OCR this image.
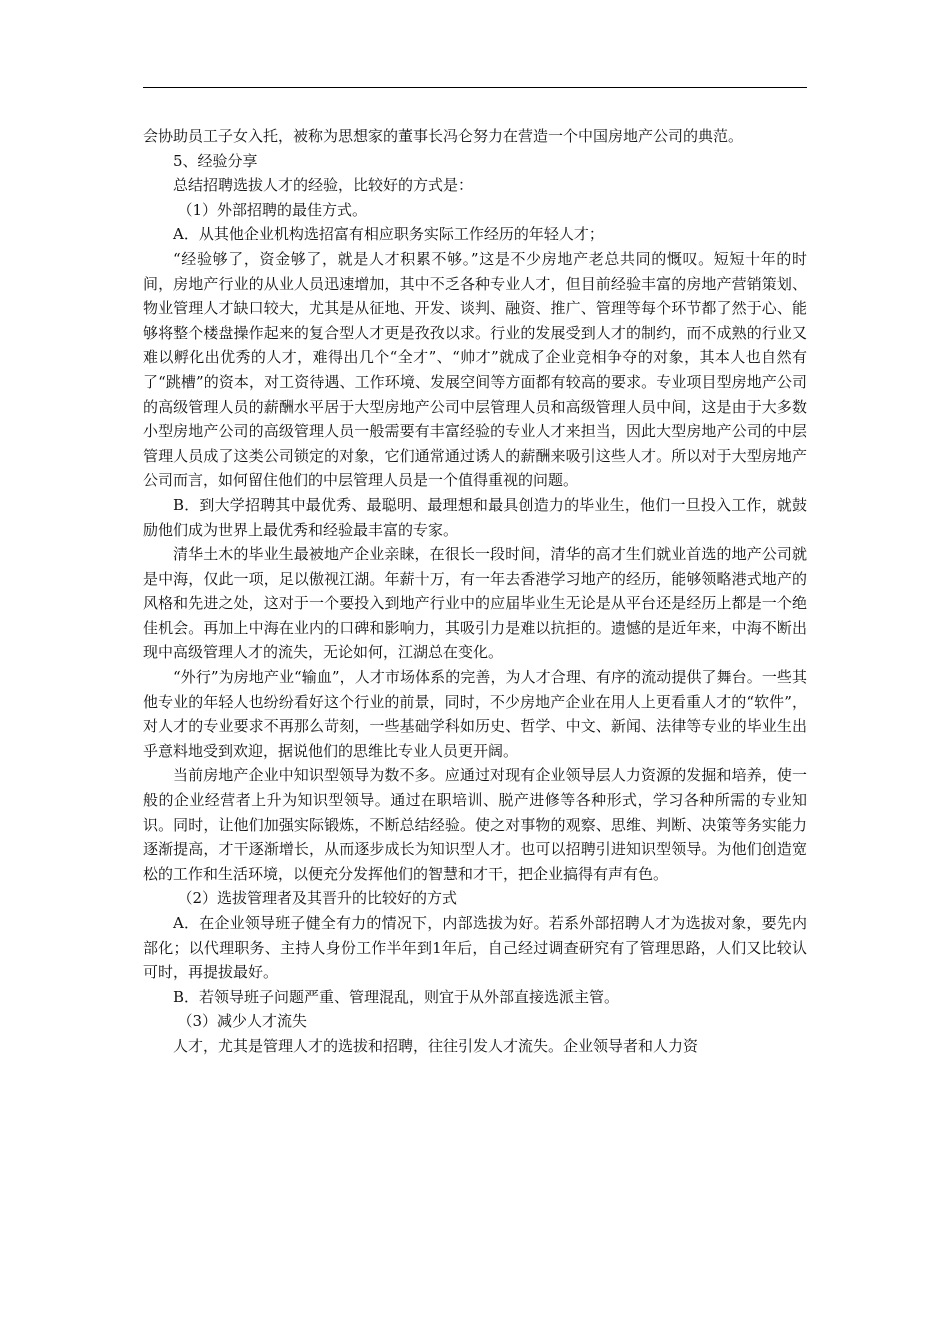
会协助员工子女入托，被称为思想家的董事长冯仑努力在营造一个中国房地产公司的典范。

5、经验分享

总结招聘选拔人才的经验，比较好的方式是：

（1）外部招聘的最佳方式。

A．从其他企业机构选招富有相应职务实际工作经历的年轻人才；

“经验够了，资金够了，就是人才积累不够。”这是不少房地产老总共同的慨叹。短短十年的时间，房地产行业的从业人员迅速增加，其中不乏各种专业人才，但目前经验丰富的房地产营销策划、物业管理人才缺口较大，尤其是从征地、开发、谈判、融资、推广、管理等每个环节都了然于心、能够将整个楼盘操作起来的复合型人才更是孜孜以求。行业的发展受到人才的制约，而不成熟的行业又难以孵化出优秀的人才，难得出几个“全才”、“帅才”就成了企业竞相争夺的对象，其本人也自然有了“跳槽”的资本，对工资待遇、工作环境、发展空间等方面都有较高的要求。专业项目型房地产公司的高级管理人员的薪酬水平居于大型房地产公司中层管理人员和高级管理人员中间，这是由于大多数小型房地产公司的高级管理人员一般需要有丰富经验的专业人才来担当，因此大型房地产公司的中层管理人员成了这类公司锁定的对象，它们通常通过诱人的薪酬来吸引这些人才。所以对于大型房地产公司而言，如何留住他们的中层管理人员是一个值得重视的问题。

B．到大学招聘其中最优秀、最聪明、最理想和最具创造力的毕业生，他们一旦投入工作，就鼓励他们成为世界上最优秀和经验最丰富的专家。

清华土木的毕业生最被地产企业亲睐，在很长一段时间，清华的高才生们就业首选的地产公司就是中海，仅此一项，足以傲视江湖。年薪十万，有一年去香港学习地产的经历，能够领略港式地产的风格和先进之处，这对于一个要投入到地产行业中的应届毕业生无论是从平台还是经历上都是一个绝佳机会。再加上中海在业内的口碑和影响力，其吸引力是难以抗拒的。遗憾的是近年来，中海不断出现中高级管理人才的流失，无论如何，江湖总在变化。

“外行”为房地产业“输血”，人才市场体系的完善，为人才合理、有序的流动提供了舞台。一些其他专业的年轻人也纷纷看好这个行业的前景，同时，不少房地产企业在用人上更看重人才的“软件”，对人才的专业要求不再那么苛刻，一些基础学科如历史、哲学、中文、新闻、法律等专业的毕业生出乎意料地受到欢迎，据说他们的思维比专业人员更开阔。

当前房地产企业中知识型领导为数不多。应通过对现有企业领导层人力资源的发掘和培养，使一般的企业经营者上升为知识型领导。通过在职培训、脱产进修等各种形式，学习各种所需的专业知识。同时，让他们加强实际锻炼，不断总结经验。使之对事物的观察、思维、判断、决策等务实能力逐渐提高，才干逐渐增长，从而逐步成长为知识型人才。也可以招聘引进知识型领导。为他们创造宽松的工作和生活环境，以便充分发挥他们的智慧和才干，把企业搞得有声有色。

（2）选拔管理者及其晋升的比较好的方式

A．在企业领导班子健全有力的情况下，内部选拔为好。若系外部招聘人才为选拔对象，要先内部化；以代理职务、主持人身份工作半年到1年后，自己经过调查研究有了管理思路，人们又比较认可时，再提拔最好。

B．若领导班子问题严重、管理混乱，则宜于从外部直接选派主管。

（3）减少人才流失

人才，尤其是管理人才的选拔和招聘，往往引发人才流失。企业领导者和人力资
